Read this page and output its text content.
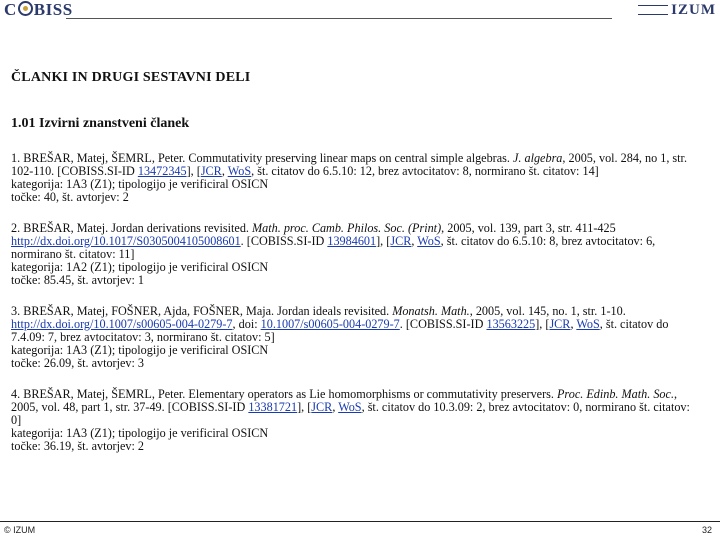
C BISS	IZUM
ČLANKI IN DRUGI SESTAVNI DELI
1.01 Izvirni znanstveni članek
1. BREŠAR, Matej, ŠEMRL, Peter. Commutativity preserving linear maps on central simple algebras. J. algebra, 2005, vol. 284, no 1, str. 102-110. [COBISS.SI-ID 13472345], [JCR, WoS, št. citatov do 6.5.10: 12, brez avtocitatov: 8, normirano št. citatov: 14]
kategorija: 1A3 (Z1); tipologijo je verificiral OSICN
točke: 40, št. avtorjev: 2
2. BREŠAR, Matej. Jordan derivations revisited. Math. proc. Camb. Philos. Soc. (Print), 2005, vol. 139, part 3, str. 411-425 http://dx.doi.org/10.1017/S0305004105008601. [COBISS.SI-ID 13984601], [JCR, WoS, št. citatov do 6.5.10: 8, brez avtocitatov: 6, normirano št. citatov: 11]
kategorija: 1A2 (Z1); tipologijo je verificiral OSICN
točke: 85.45, št. avtorjev: 1
3. BREŠAR, Matej, FOŠNER, Ajda, FOŠNER, Maja. Jordan ideals revisited. Monatsh. Math., 2005, vol. 145, no. 1, str. 1-10. http://dx.doi.org/10.1007/s00605-004-0279-7, doi: 10.1007/s00605-004-0279-7. [COBISS.SI-ID 13563225], [JCR, WoS, št. citatov do 7.4.09: 7, brez avtocitatov: 3, normirano št. citatov: 5]
kategorija: 1A3 (Z1); tipologijo je verificiral OSICN
točke: 26.09, št. avtorjev: 3
4. BREŠAR, Matej, ŠEMRL, Peter. Elementary operators as Lie homomorphisms or commutativity preservers. Proc. Edinb. Math. Soc., 2005, vol. 48, part 1, str. 37-49. [COBISS.SI-ID 13381721], [JCR, WoS, št. citatov do 10.3.09: 2, brez avtocitatov: 0, normirano št. citatov: 0]
kategorija: 1A3 (Z1); tipologijo je verificiral OSICN
točke: 36.19, št. avtorjev: 2
© IZUM	32
